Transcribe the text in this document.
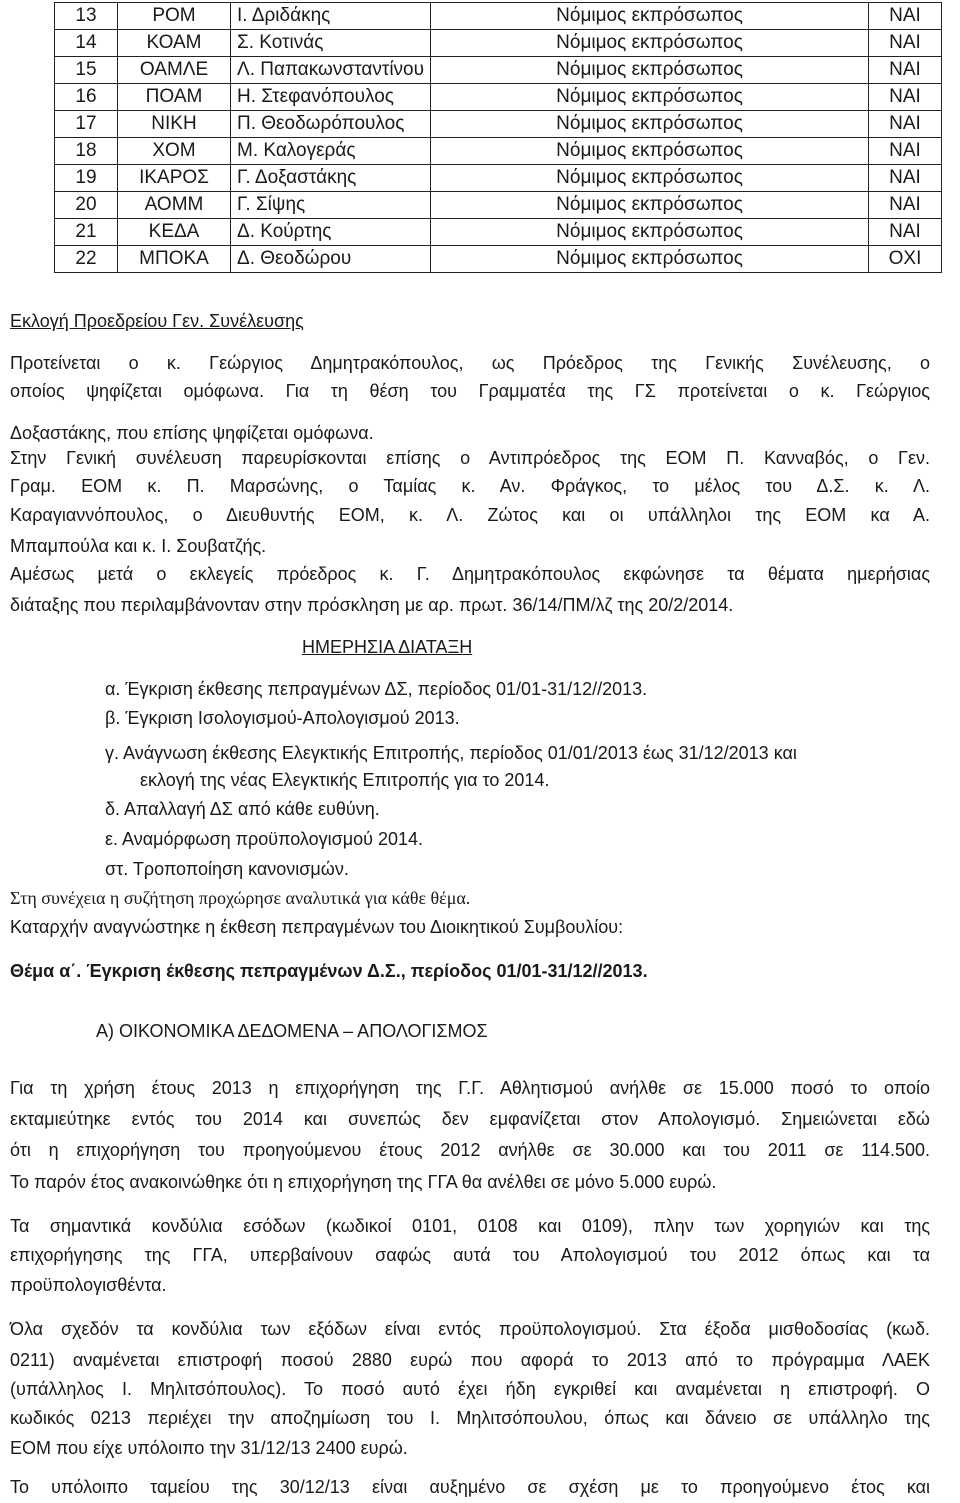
13	ΡΟΜ	Ι. Δριδάκης	Νόμιμος εκπρόσωπος	ΝΑΙ
14	ΚΟΑΜ	Σ. Κοτινάς	Νόμιμος εκπρόσωπος	ΝΑΙ
15	ΟΑΜΛΕ	Λ. Παπακωνσταντίνου	Νόμιμος εκπρόσωπος	ΝΑΙ
16	ΠΟΑΜ	Η. Στεφανόπουλος	Νόμιμος εκπρόσωπος	ΝΑΙ
17	ΝΙΚΗ	Π. Θεοδωρόπουλος	Νόμιμος εκπρόσωπος	ΝΑΙ
18	ΧΟΜ	Μ. Καλογεράς	Νόμιμος εκπρόσωπος	ΝΑΙ
19	ΙΚΑΡΟΣ	Γ. Δοξαστάκης	Νόμιμος εκπρόσωπος	ΝΑΙ
20	ΑΟΜΜ	Γ. Σίψης	Νόμιμος εκπρόσωπος	ΝΑΙ
21	ΚΕΔΑ	Δ. Κούρτης	Νόμιμος εκπρόσωπος	ΝΑΙ
22	ΜΠΟΚΑ	Δ. Θεοδώρου	Νόμιμος εκπρόσωπος	ΟΧΙ
Εκλογή Προεδρείου Γεν. Συνέλευσης
Προτείνεται ο κ. Γεώργιος Δημητρακόπουλος, ως Πρόεδρος της Γενικής Συνέλευσης, ο
οποίος ψηφίζεται ομόφωνα. Για τη θέση του Γραμματέα της ΓΣ προτείνεται ο κ. Γεώργιος
Δοξαστάκης, που επίσης ψηφίζεται ομόφωνα.
Στην Γενική συνέλευση παρευρίσκονται επίσης ο Αντιπρόεδρος της ΕΟΜ Π. Κανναβός, ο Γεν.
Γραμ. ΕΟΜ κ. Π. Μαρσώνης, ο Ταμίας κ. Αν. Φράγκος, το μέλος του Δ.Σ. κ. Λ.
Καραγιαννόπουλος, ο Διευθυντής ΕΟΜ, κ. Λ. Ζώτος και οι υπάλληλοι της ΕΟΜ κα Α.
Μπαμπούλα και κ. Ι. Σουβατζής.
Αμέσως μετά ο εκλεγείς πρόεδρος κ. Γ. Δημητρακόπουλος εκφώνησε τα θέματα ημερήσιας
διάταξης που περιλαμβάνονταν στην πρόσκληση με αρ. πρωτ. 36/14/ΠΜ/λζ της 20/2/2014.
ΗΜΕΡΗΣΙΑ ΔΙΑΤΑΞΗ
α. Έγκριση έκθεσης πεπραγμένων ΔΣ, περίοδος 01/01-31/12//2013.
β. Έγκριση Ισολογισμού-Απολογισμού 2013.
γ. Ανάγνωση έκθεσης Ελεγκτικής Επιτροπής, περίοδος 01/01/2013 έως 31/12/2013 και
εκλογή της νέας Ελεγκτικής Επιτροπής για το 2014.
δ. Απαλλαγή ΔΣ από κάθε ευθύνη.
ε. Αναμόρφωση προϋπολογισμού 2014.
στ. Τροποποίηση κανονισμών.
Στη συνέχεια η συζήτηση προχώρησε αναλυτικά για κάθε θέμα.
Καταρχήν αναγνώστηκε η έκθεση πεπραγμένων του Διοικητικού Συμβουλίου:
Θέμα α΄. Έγκριση έκθεσης πεπραγμένων Δ.Σ., περίοδος 01/01-31/12//2013.
Α) ΟΙΚΟΝΟΜΙΚΑ ΔΕΔΟΜΕΝΑ – ΑΠΟΛΟΓΙΣΜΟΣ
Για τη χρήση έτους 2013 η επιχορήγηση της Γ.Γ. Αθλητισμού ανήλθε σε 15.000 ποσό το οποίο
εκταμιεύτηκε εντός του 2014 και συνεπώς δεν εμφανίζεται στον Απολογισμό. Σημειώνεται εδώ
ότι η επιχορήγηση του προηγούμενου έτους 2012 ανήλθε σε 30.000 και του 2011 σε 114.500.
Το παρόν έτος ανακοινώθηκε ότι η επιχορήγηση της ΓΓΑ θα ανέλθει σε μόνο 5.000 ευρώ.
Τα σημαντικά κονδύλια εσόδων (κωδικοί 0101, 0108 και 0109), πλην των χορηγιών και της
επιχορήγησης της ΓΓΑ, υπερβαίνουν σαφώς αυτά του Απολογισμού του 2012 όπως και τα
προϋπολογισθέντα.
Όλα σχεδόν τα κονδύλια των εξόδων είναι εντός προϋπολογισμού. Στα έξοδα μισθοδοσίας (κωδ.
0211) αναμένεται επιστροφή ποσού 2880 ευρώ που αφορά το 2013 από το πρόγραμμα ΛΑΕΚ
(υπάλληλος Ι. Μηλιτσόπουλος). Το ποσό αυτό έχει ήδη εγκριθεί και αναμένεται η επιστροφή. Ο
κωδικός 0213 περιέχει την αποζημίωση του Ι. Μηλιτσόπουλου, όπως και δάνειο σε υπάλληλο της
ΕΟΜ που είχε υπόλοιπο την 31/12/13 2400 ευρώ.
Το υπόλοιπο ταμείου της 30/12/13 είναι αυξημένο σε σχέση με το προηγούμενο έτος και
